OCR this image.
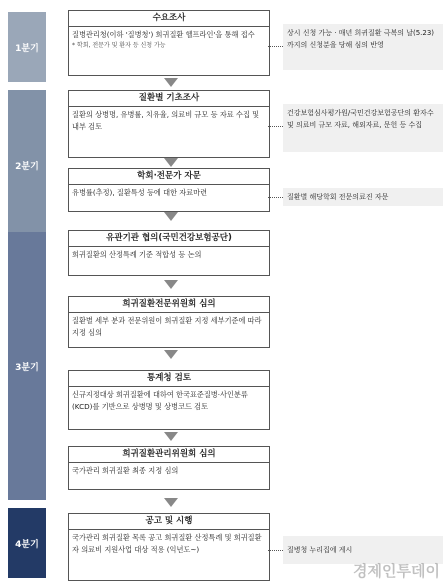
1분기
2분기
3분기
4분기
수요조사
질병관리청(이하 '질병청') 희귀질환 헬프라인'을 통해 접수
* 학회, 전문가 및 환자 등 신청 가능
질환별 기초조사
질환의 상병명, 유병률, 치유율, 의료비 규모 등 자료 수집 및 내부 검토
학회·전문가 자문
유병률(추정), 질환특성 등에 대한 자료마련
유관기관 협의(국민건강보험공단)
희귀질환의 산정특례 기준 적합성 등 논의
희귀질환전문위원회 심의
질환별 세부 분과 전문위원이 희귀질환 지정 세부기준에 따라 지정 심의
통계청 검토
신규지정대상 희귀질환에 대하여 한국표준질병·사인분류(KCD)를 기반으로 상병명 및 상병코드 검토
희귀질환관리위원회 심의
국가관리 희귀질환 최종 지정 심의
공고 및 시행
국가관리 희귀질환 목록 공고 희귀질환 산정특례 및 희귀질환자 의료비 지원사업 대상 적용 (익년도~)
상시 신청 가능 · 매년 희귀질환 극복의 날(5.23)까지의 신청분을 당해 심의 반영
건강보험심사평가원/국민건강보험공단의 환자수 및 의료비 규모 자료, 해외자료, 문헌 등 수집
질환별 해당학회 전문의료진 자문
질병청 누리집에 게시
경제인투데이
